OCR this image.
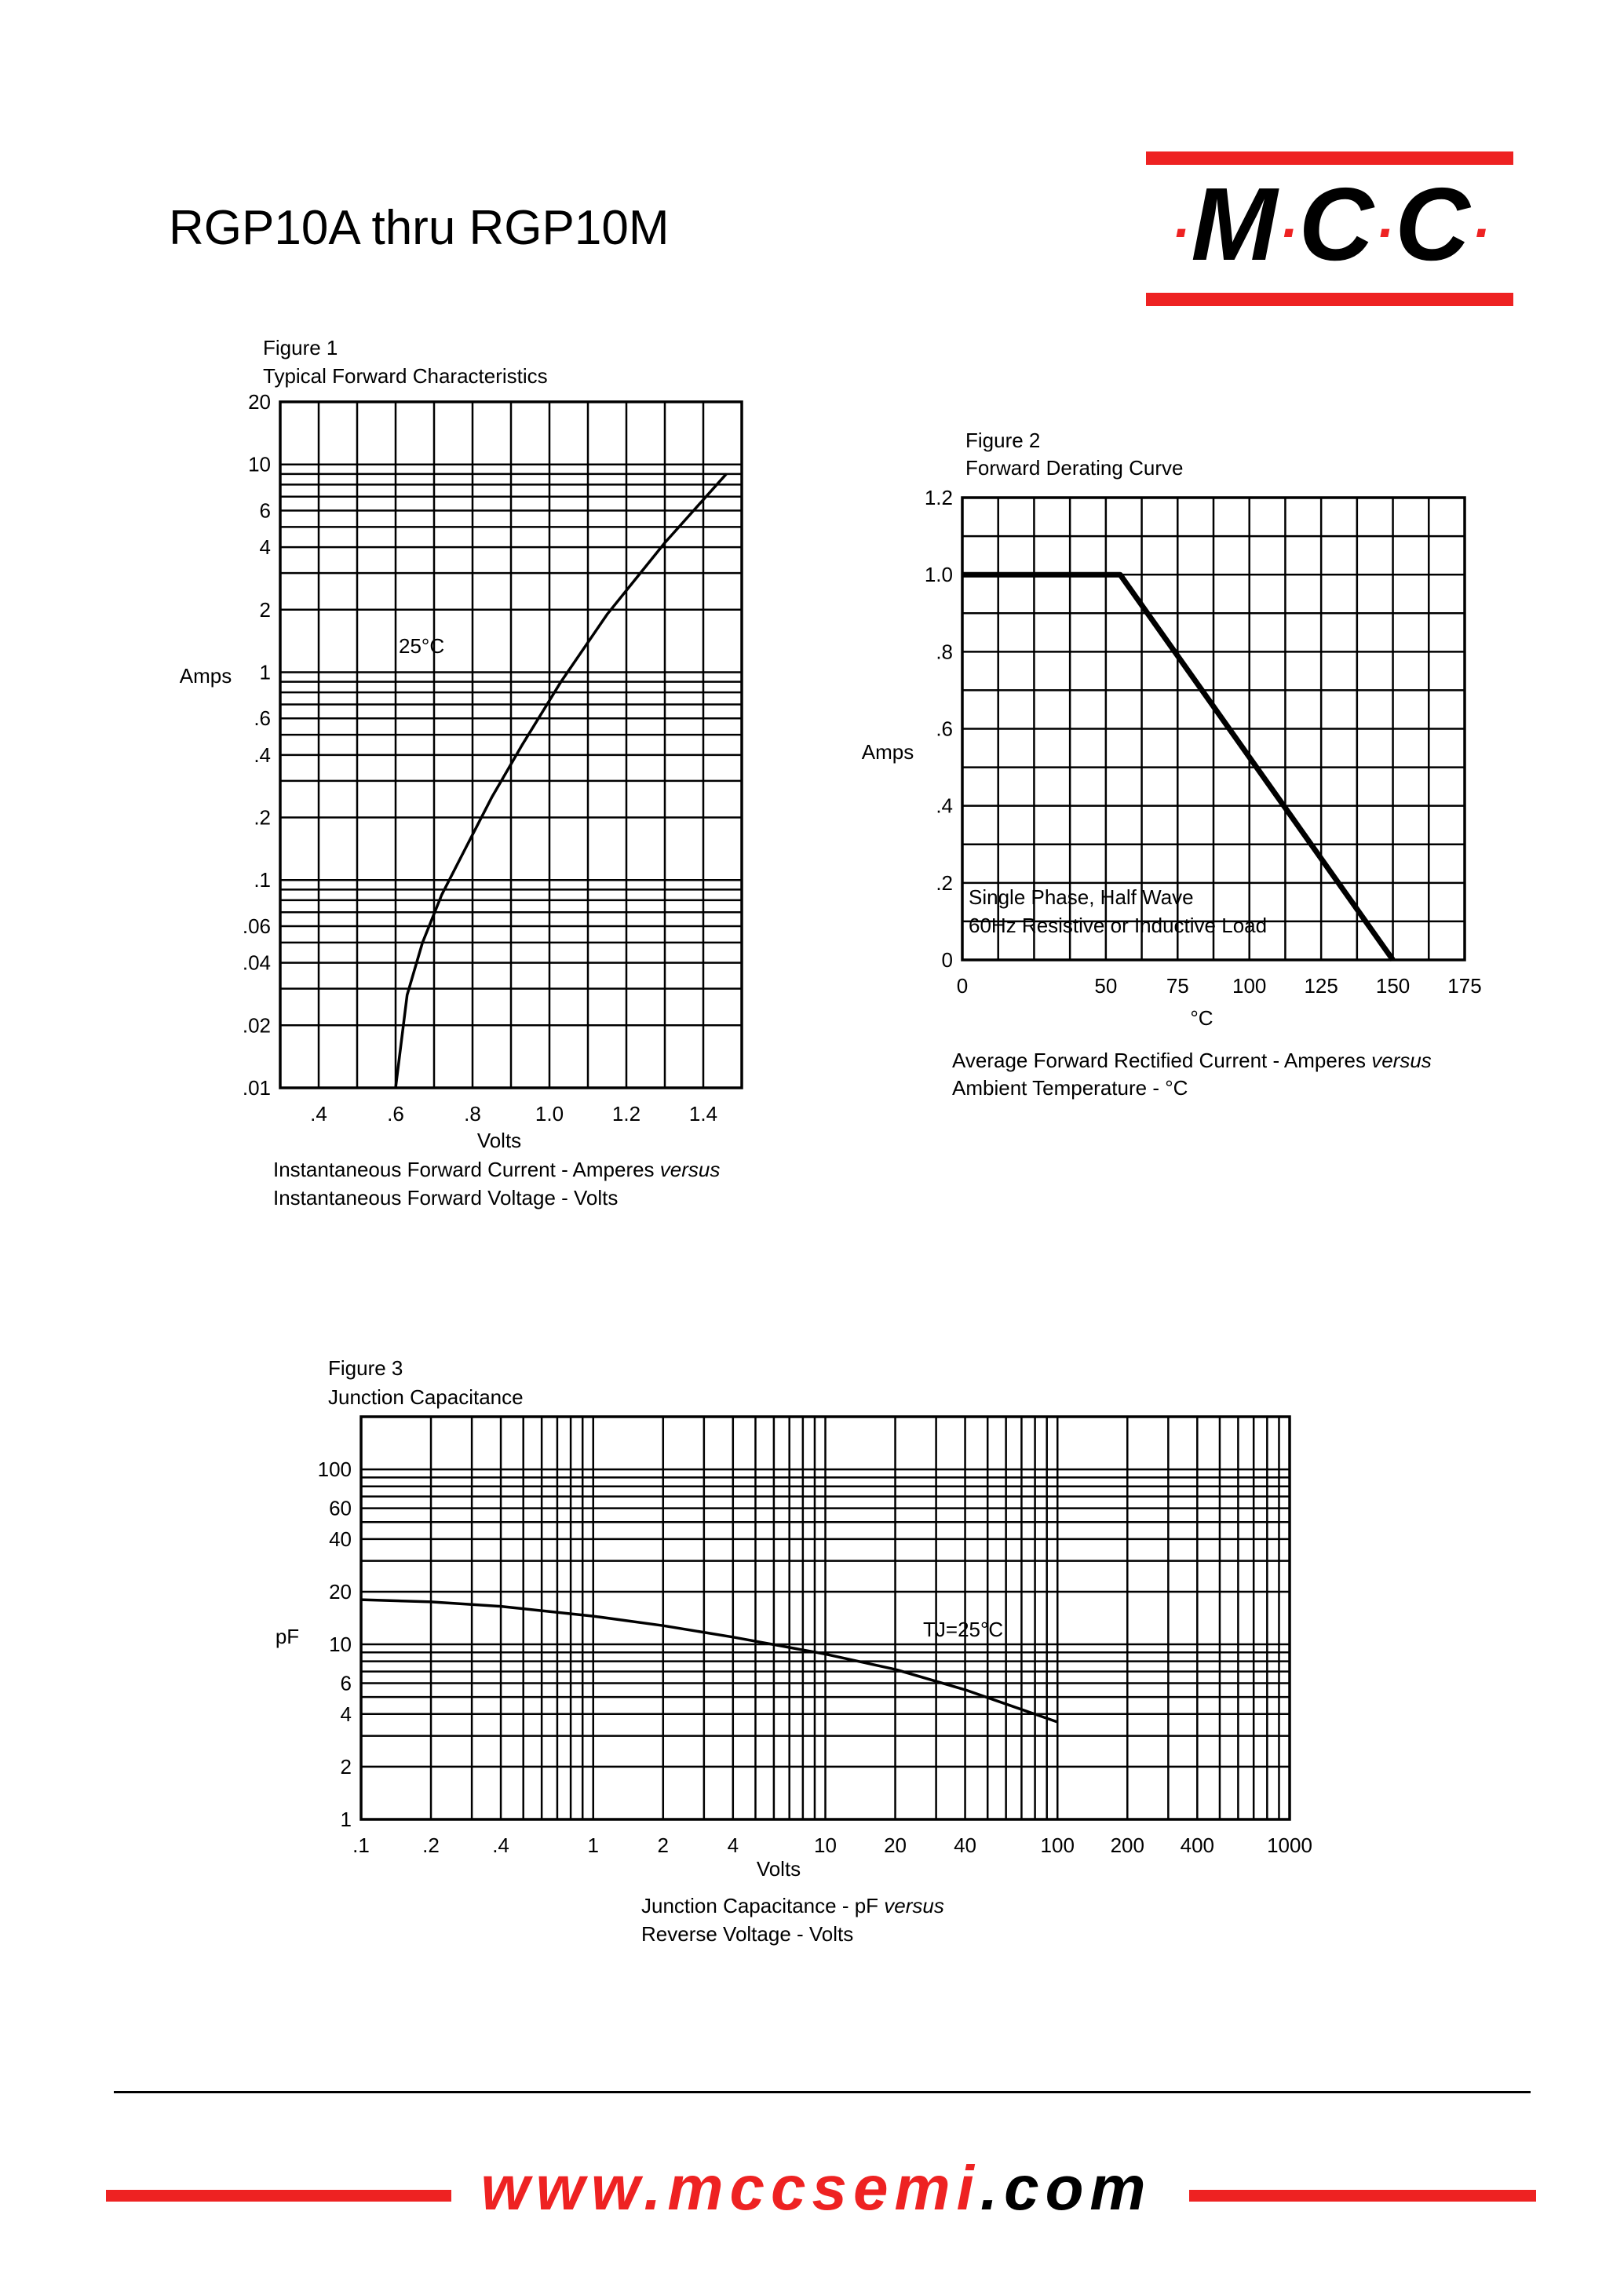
RGP10A thru RGP10M	·M·C·C·
Figure 1
Typical Forward Characteristics
Instantaneous Forward Current - Amperes versus
Instantaneous Forward Voltage - Volts
Figure 2
Forward Derating Curve
Average Forward Rectified Current - Amperes versus
Ambient Temperature - °C
Figure 3
Junction Capacitance
Junction Capacitance - pF versus
Reverse Voltage - Volts
.01
.02
.04
.06
.1
.2
.4
.6
1
2
4
6
10
20
.4	.6	.8	1.0 1.2 1.4
Amps
Volts
25°C
0
.2
.4
.6
.8
1.0
1.2
0	50 75 100 125 150 175
Amps
°C
Single Phase, Half Wave
60Hz Resistive or Inductive Load
1
2
4
6
10
20
40
60
100
.1	.2	.4	1	2	4	10 20 40	100 200 400	1000
pF
Volts
TJ=25°C
www.mccsemi.com
